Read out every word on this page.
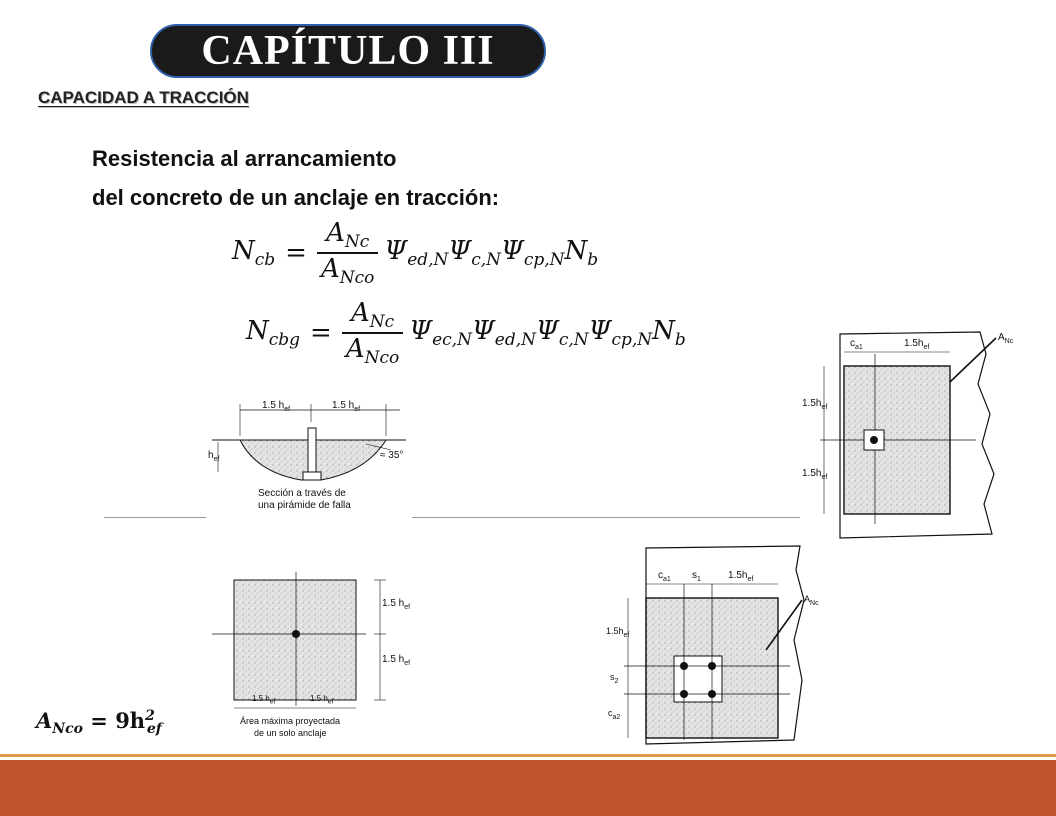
CAPÍTULO III
CAPACIDAD A TRACCIÓN
Resistencia al arrancamiento
del concreto de un anclaje en tracción:
$N_{cb} = \frac{A_{Nc}}{A_{Nco}} \Psi_{ed,N}\Psi_{c,N}\Psi_{cp,N}N_b$
$N_{cbg} = \frac{A_{Nc}}{A_{Nco}} \Psi_{ec,N}\Psi_{ed,N}\Psi_{c,N}\Psi_{cp,N}N_b$
1.5 $h_{ef}$	1.5 $h_{ef}$
$h_{ef}$	≈ 35°
Sección a través de
una pirámide de falla
1.5 $h_{ef}$
1.5 $h_{ef}$
1.5 $h_{ef}$	1.5 $h_{ef}$
Área máxima proyectada
de un solo anclaje
$c_{a1}$	$1.5h_{ef}$
$A_{Nc}$
$1.5h_{ef}$
$1.5h_{ef}$
$c_{a1}$ $s_1$	$1.5h_{ef}$
$A_{Nc}$
$1.5h_{ef}$
$s_2$
$c_{a2}$
$A_{Nco} = 9h^2_{ef}$
